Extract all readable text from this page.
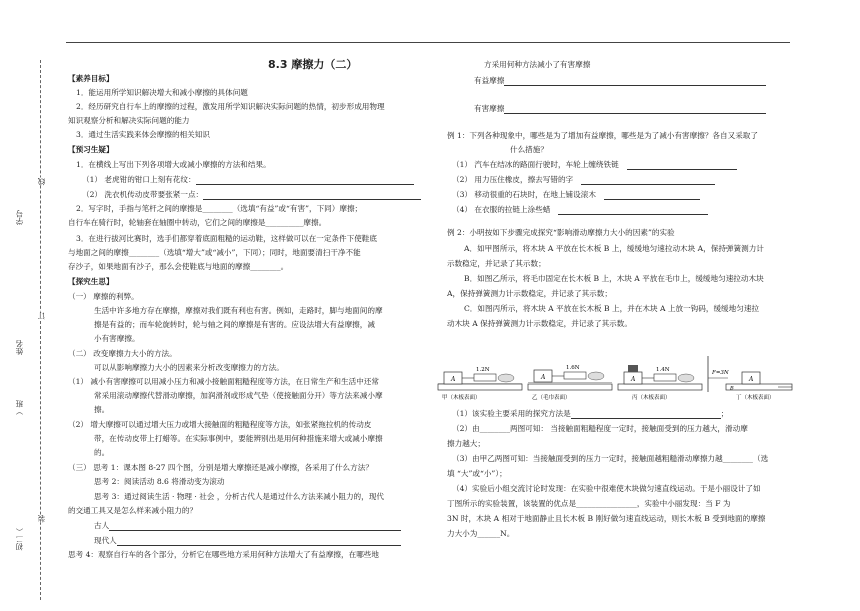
学号
姓名
初二（
）班
线
订
装
8.3 摩擦力（二）
【素养目标】
1．能运用所学知识解决增大和减小摩擦的具体问题
2．经历研究自行车上的摩擦的过程，激发用所学知识解决实际问题的热情，初步形成用物理
知识观察分析和解决实际问题的能力
3．通过生活实践来体会摩擦的相关知识
【预习生疑】
1．在横线上写出下列各项增大或减小摩擦的方法和结果。
（1） 老虎钳的钳口上刻有花纹：
（2） 洗衣机传动皮带要张紧一点：
2．写字时，手指与笔杆之间的摩擦是________（选填“有益”或“有害”，下同）摩擦；
自行车在骑行时，轮轴套在轴圈中转动，它们之间的摩擦是__________摩擦。
3．在进行拔河比赛时，选手们都穿着底面粗糙的运动鞋，这样做可以在一定条件下使鞋底
与地面之间的摩擦________（选填“增大”或“减小”，下同）；同时，地面要清扫干净不能
存沙子，如果地面有沙子，那么会使鞋底与地面的摩擦________。
【探究生思】
（一） 摩擦的利弊。
生活中许多地方存在摩擦，摩擦对我们既有利也有害。例如，走路时，脚与地面间的摩
擦是有益的；而车轮旋转时，轮与轴之间的摩擦是有害的。应设法增大有益摩擦，减
小有害摩擦。
（二） 改变摩擦力大小的方法。
可以从影响摩擦力大小的因素来分析改变摩擦力的方法。
（1） 减小有害摩擦可以用减小压力和减小接触面粗糙程度等方法，在日常生产和生活中还常
常采用滚动摩擦代替滑动摩擦，加润滑剂或形成气垫（使接触面分开）等方法来减小摩
擦。
（2） 增大摩擦可以通过增大压力或增大接触面的粗糙程度等方法，如张紧拖拉机的传动皮
带，在传动皮带上打蜡等。在实际事例中，要能辨别出是用何种措施来增大或减小摩擦
的。
（三） 思考 1：课本图 8-27 四个图，分别是增大摩擦还是减小摩擦，各采用了什么方法？
思考 2：阅读活动 8.6 将滑动变为滚动
思考 3：通过阅读生活 · 物理 · 社会 ，分析古代人是通过什么方法来减小阻力的，现代
的交通工具又是怎么样来减小阻力的？
古人
现代人
思考 4：观察自行车的各个部分，分析它在哪些地方采用何种方法增大了有益摩擦，在哪些地
方采用何种方法减小了有害摩擦
有益摩擦
有害摩擦
例 1：下列各种现象中，哪些是为了增加有益摩擦，哪些是为了减小有害摩擦？各自又采取了
什么措施？
（1） 汽车在结冰的路面行驶时，车轮上缠绕铁链
（2） 用力压住橡皮，擦去写错的字
（3） 移动很重的石块时，在地上铺设滚木
（4） 在衣服的拉链上涂些蜡
例 2：小明按如下步骤完成探究“影响滑动摩擦力大小的因素”的实验
A．如甲图所示，将木块 A 平放在长木板 B 上，缓缓地匀速拉动木块 A，保持弹簧测力计
示数稳定，并记录了其示数；
B．如图乙所示，将毛巾固定在长木板 B 上，木块 A 平放在毛巾上，缓缓地匀速拉动木块
A，保持弹簧测力计示数稳定，并记录了其示数；
C．如图丙所示，将木块 A 平放在长木板 B 上，并在木块 A 上放一钩码，缓缓地匀速拉
动木块 A 保持弹簧测力计示数稳定，并记录了其示数。
A
1.2N
甲（木板表面）
A
1.6N
乙（毛巾表面）
A
1.4N
丙（木板表面）
A
B
F=3N
丁（木板表面）
（1）该实验主要采用的探究方法是	；
（2）由________两图可知： 当接触面粗糙程度一定时，接触面受到的压力越大，滑动摩
擦力越大；
（3）由甲乙两图可知：当接触面受到的压力一定时，接触面越粗糙滑动摩擦力越________（选
填 “大”或“小”）；
（4）实验后小组交流讨论时发现：在实验中很难使木块做匀速直线运动。于是小丽设计了如
丁图所示的实验装置，该装置的优点是________________，实验中小丽发现：当 F 为
3N 时，木块 A 相对于地面静止且长木板 B 刚好做匀速直线运动，则长木板 B 受到地面的摩擦
力大小为______N。
